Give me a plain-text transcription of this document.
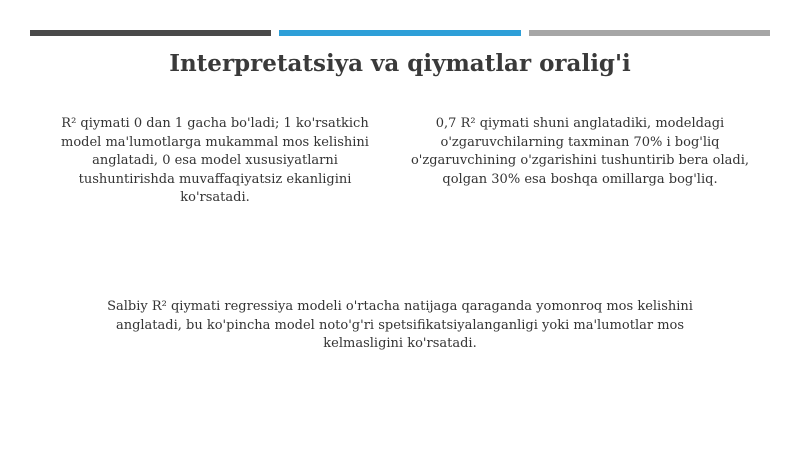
Interpretatsiya va qiymatlar oralig'i
R² qiymati 0 dan 1 gacha bo'ladi; 1 ko'rsatkich model ma'lumotlarga mukammal mos kelishini anglatadi, 0 esa model xususiyatlarni tushuntirishda muvaffaqiyatsiz ekanligini ko'rsatadi.
0,7 R² qiymati shuni anglatadiki, modeldagi o'zgaruvchilarning taxminan 70% i bog'liq o'zgaruvchining o'zgarishini tushuntirib bera oladi, qolgan 30% esa boshqa omillarga bog'liq.
Salbiy R² qiymati regressiya modeli o'rtacha natijaga qaraganda yomonroq mos kelishini anglatadi, bu ko'pincha model noto'g'ri spetsifikatsiyalanganligi yoki ma'lumotlar mos kelmasligini ko'rsatadi.
